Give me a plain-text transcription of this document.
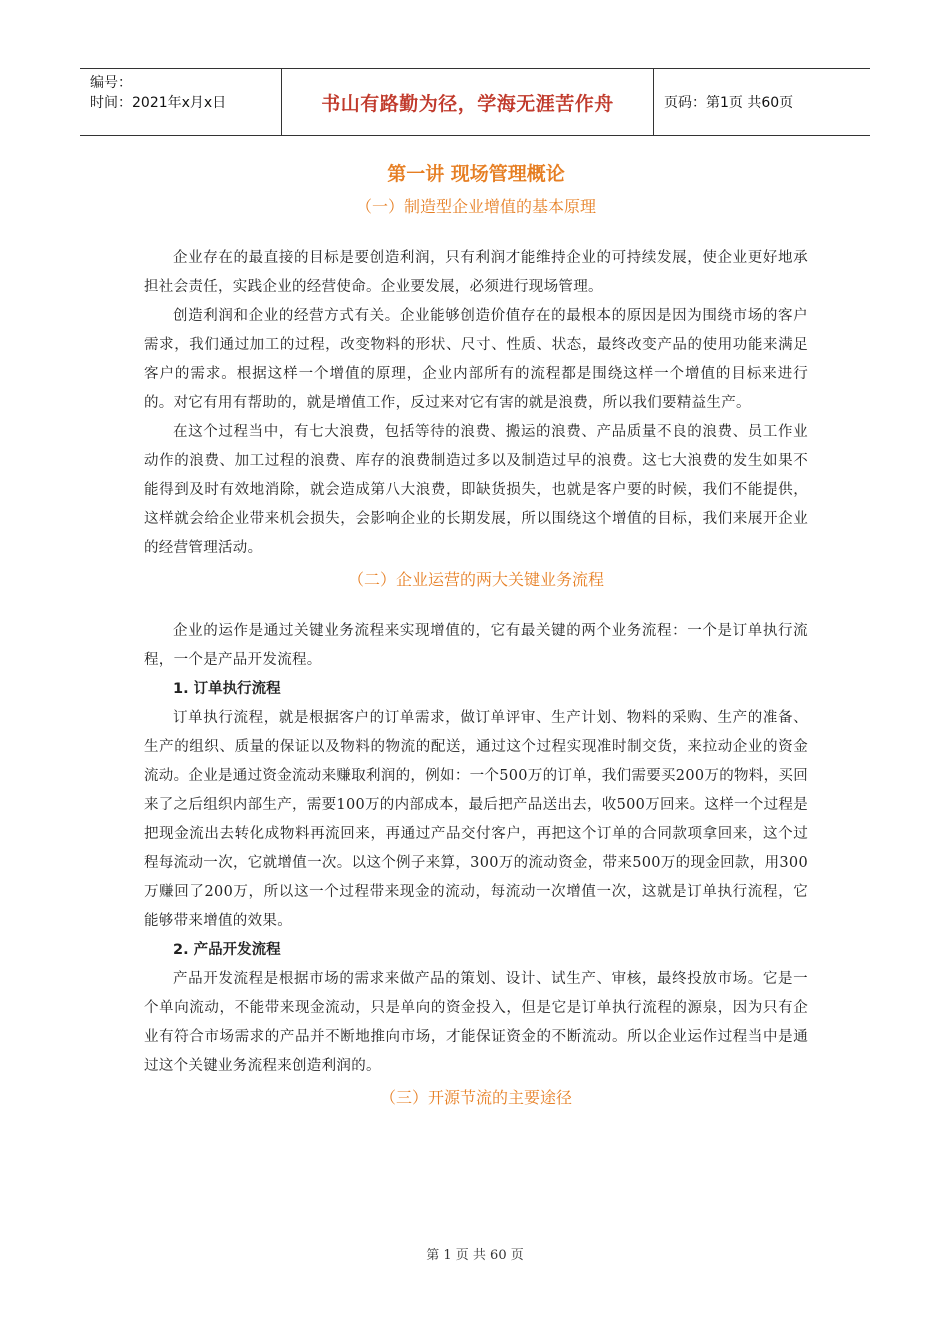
编号：
时间：2021年x月x日	书山有路勤为径，学海无涯苦作舟	页码：第1页 共60页
第一讲 现场管理概论
（一）制造型企业增值的基本原理

企业存在的最直接的目标是要创造利润，只有利润才能维持企业的可持续发展，使企业更好地承担社会责任，实践企业的经营使命。企业要发展，必须进行现场管理。

创造利润和企业的经营方式有关。企业能够创造价值存在的最根本的原因是因为围绕市场的客户需求，我们通过加工的过程，改变物料的形状、尺寸、性质、状态，最终改变产品的使用功能来满足客户的需求。根据这样一个增值的原理，企业内部所有的流程都是围绕这样一个增值的目标来进行的。对它有用有帮助的，就是增值工作，反过来对它有害的就是浪费，所以我们要精益生产。

在这个过程当中，有七大浪费，包括等待的浪费、搬运的浪费、产品质量不良的浪费、员工作业动作的浪费、加工过程的浪费、库存的浪费制造过多以及制造过早的浪费。这七大浪费的发生如果不能得到及时有效地消除，就会造成第八大浪费，即缺货损失，也就是客户要的时候，我们不能提供，这样就会给企业带来机会损失，会影响企业的长期发展，所以围绕这个增值的目标，我们来展开企业的经营管理活动。

（二）企业运营的两大关键业务流程

企业的运作是通过关键业务流程来实现增值的，它有最关键的两个业务流程：一个是订单执行流程，一个是产品开发流程。

1. 订单执行流程

订单执行流程，就是根据客户的订单需求，做订单评审、生产计划、物料的采购、生产的准备、生产的组织、质量的保证以及物料的物流的配送，通过这个过程实现准时制交货，来拉动企业的资金流动。企业是通过资金流动来赚取利润的，例如：一个500万的订单，我们需要买200万的物料，买回来了之后组织内部生产，需要100万的内部成本，最后把产品送出去，收500万回来。这样一个过程是把现金流出去转化成物料再流回来，再通过产品交付客户，再把这个订单的合同款项拿回来，这个过程每流动一次，它就增值一次。以这个例子来算，300万的流动资金，带来500万的现金回款，用300万赚回了200万，所以这一个过程带来现金的流动，每流动一次增值一次，这就是订单执行流程，它能够带来增值的效果。

2. 产品开发流程

产品开发流程是根据市场的需求来做产品的策划、设计、试生产、审核，最终投放市场。它是一个单向流动，不能带来现金流动，只是单向的资金投入，但是它是订单执行流程的源泉，因为只有企业有符合市场需求的产品并不断地推向市场，才能保证资金的不断流动。所以企业运作过程当中是通过这个关键业务流程来创造利润的。

（三）开源节流的主要途径
第 1 页 共 60 页
